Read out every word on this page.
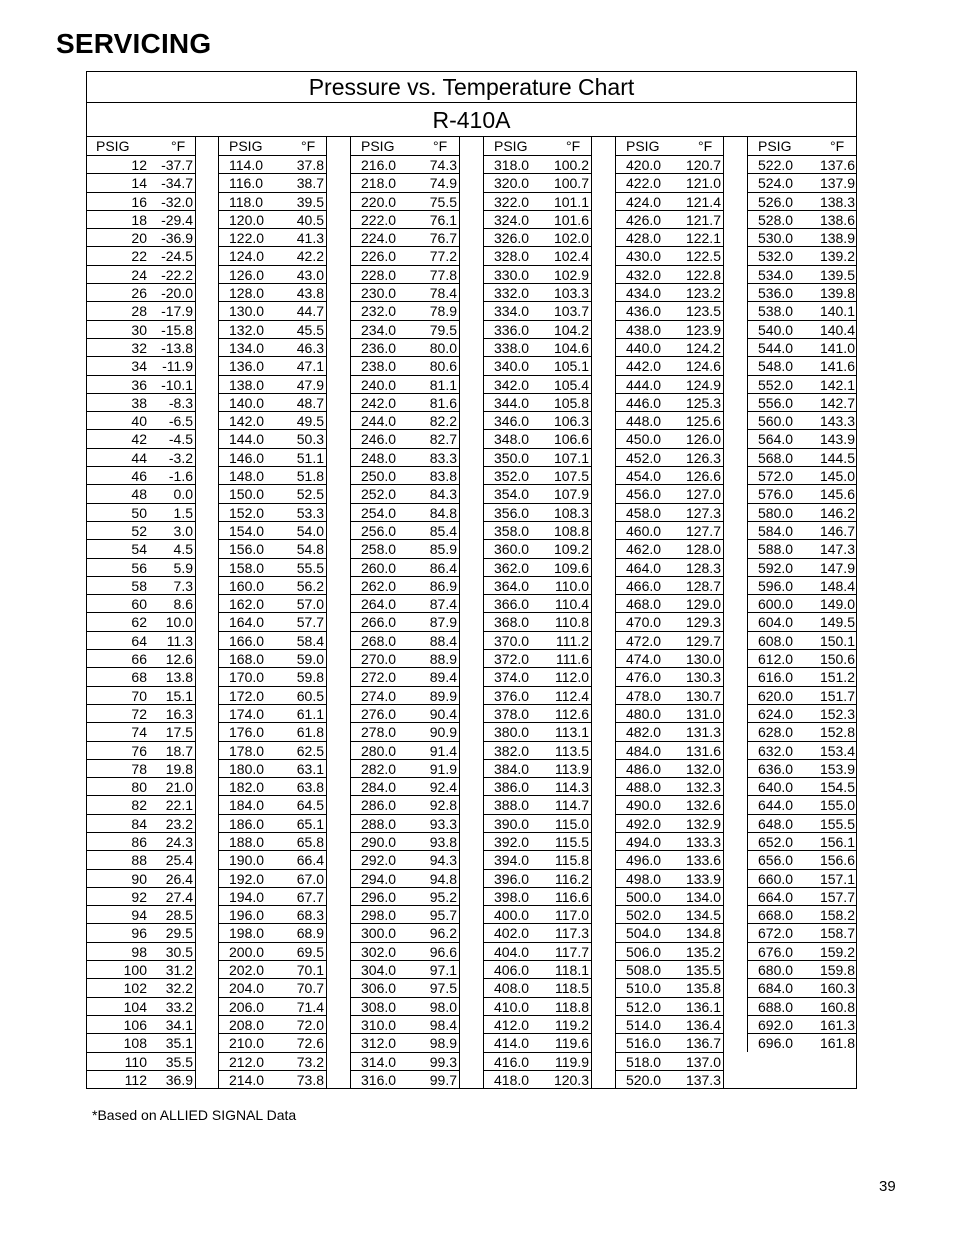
SERVICING
Pressure vs. Temperature Chart
R-410A
PSIG	°F
12 -37.7
14 -34.7
16 -32.0
18 -29.4
20 -36.9
22 -24.5
24 -22.2
26 -20.0
28 -17.9
30 -15.8
32 -13.8
34 -11.9
36 -10.1
38 -8.3
40 -6.5
42 -4.5
44 -3.2
46 -1.6
48 0.0
50 1.5
52 3.0
54 4.5
56 5.9
58 7.3
60 8.6
62 10.0
64 11.3
66 12.6
68 13.8
70 15.1
72 16.3
74 17.5
76 18.7
78 19.8
80 21.0
82 22.1
84 23.2
86 24.3
88 25.4
90 26.4
92 27.4
94 28.5
96 29.5
98 30.5
100 31.2
102 32.2
104 33.2
106 34.1
108 35.1
110 35.5
112 36.9
PSIG	°F
114.0 37.8
116.0 38.7
118.0 39.5
120.0 40.5
122.0 41.3
124.0 42.2
126.0 43.0
128.0 43.8
130.0 44.7
132.0 45.5
134.0 46.3
136.0 47.1
138.0 47.9
140.0 48.7
142.0 49.5
144.0 50.3
146.0 51.1
148.0 51.8
150.0 52.5
152.0 53.3
154.0 54.0
156.0 54.8
158.0 55.5
160.0 56.2
162.0 57.0
164.0 57.7
166.0 58.4
168.0 59.0
170.0 59.8
172.0 60.5
174.0 61.1
176.0 61.8
178.0 62.5
180.0 63.1
182.0 63.8
184.0 64.5
186.0 65.1
188.0 65.8
190.0 66.4
192.0 67.0
194.0 67.7
196.0 68.3
198.0 68.9
200.0 69.5
202.0 70.1
204.0 70.7
206.0 71.4
208.0 72.0
210.0 72.6
212.0 73.2
214.0 73.8
PSIG	°F
216.0 74.3
218.0 74.9
220.0 75.5
222.0 76.1
224.0 76.7
226.0 77.2
228.0 77.8
230.0 78.4
232.0 78.9
234.0 79.5
236.0 80.0
238.0 80.6
240.0 81.1
242.0 81.6
244.0 82.2
246.0 82.7
248.0 83.3
250.0 83.8
252.0 84.3
254.0 84.8
256.0 85.4
258.0 85.9
260.0 86.4
262.0 86.9
264.0 87.4
266.0 87.9
268.0 88.4
270.0 88.9
272.0 89.4
274.0 89.9
276.0 90.4
278.0 90.9
280.0 91.4
282.0 91.9
284.0 92.4
286.0 92.8
288.0 93.3
290.0 93.8
292.0 94.3
294.0 94.8
296.0 95.2
298.0 95.7
300.0 96.2
302.0 96.6
304.0 97.1
306.0 97.5
308.0 98.0
310.0 98.4
312.0 98.9
314.0 99.3
316.0 99.7
PSIG	°F
318.0 100.2
320.0 100.7
322.0 101.1
324.0 101.6
326.0 102.0
328.0 102.4
330.0 102.9
332.0 103.3
334.0 103.7
336.0 104.2
338.0 104.6
340.0 105.1
342.0 105.4
344.0 105.8
346.0 106.3
348.0 106.6
350.0 107.1
352.0 107.5
354.0 107.9
356.0 108.3
358.0 108.8
360.0 109.2
362.0 109.6
364.0 110.0
366.0 110.4
368.0 110.8
370.0 111.2
372.0 111.6
374.0 112.0
376.0 112.4
378.0 112.6
380.0 113.1
382.0 113.5
384.0 113.9
386.0 114.3
388.0 114.7
390.0 115.0
392.0 115.5
394.0 115.8
396.0 116.2
398.0 116.6
400.0 117.0
402.0 117.3
404.0 117.7
406.0 118.1
408.0 118.5
410.0 118.8
412.0 119.2
414.0 119.6
416.0 119.9
418.0 120.3
PSIG	°F
420.0 120.7
422.0 121.0
424.0 121.4
426.0 121.7
428.0 122.1
430.0 122.5
432.0 122.8
434.0 123.2
436.0 123.5
438.0 123.9
440.0 124.2
442.0 124.6
444.0 124.9
446.0 125.3
448.0 125.6
450.0 126.0
452.0 126.3
454.0 126.6
456.0 127.0
458.0 127.3
460.0 127.7
462.0 128.0
464.0 128.3
466.0 128.7
468.0 129.0
470.0 129.3
472.0 129.7
474.0 130.0
476.0 130.3
478.0 130.7
480.0 131.0
482.0 131.3
484.0 131.6
486.0 132.0
488.0 132.3
490.0 132.6
492.0 132.9
494.0 133.3
496.0 133.6
498.0 133.9
500.0 134.0
502.0 134.5
504.0 134.8
506.0 135.2
508.0 135.5
510.0 135.8
512.0 136.1
514.0 136.4
516.0 136.7
518.0 137.0
520.0 137.3
PSIG	°F
522.0 137.6
524.0 137.9
526.0 138.3
528.0 138.6
530.0 138.9
532.0 139.2
534.0 139.5
536.0 139.8
538.0 140.1
540.0 140.4
544.0 141.0
548.0 141.6
552.0 142.1
556.0 142.7
560.0 143.3
564.0 143.9
568.0 144.5
572.0 145.0
576.0 145.6
580.0 146.2
584.0 146.7
588.0 147.3
592.0 147.9
596.0 148.4
600.0 149.0
604.0 149.5
608.0 150.1
612.0 150.6
616.0 151.2
620.0 151.7
624.0 152.3
628.0 152.8
632.0 153.4
636.0 153.9
640.0 154.5
644.0 155.0
648.0 155.5
652.0 156.1
656.0 156.6
660.0 157.1
664.0 157.7
668.0 158.2
672.0 158.7
676.0 159.2
680.0 159.8
684.0 160.3
688.0 160.8
692.0 161.3
696.0 161.8
*Based on ALLIED SIGNAL Data
39
